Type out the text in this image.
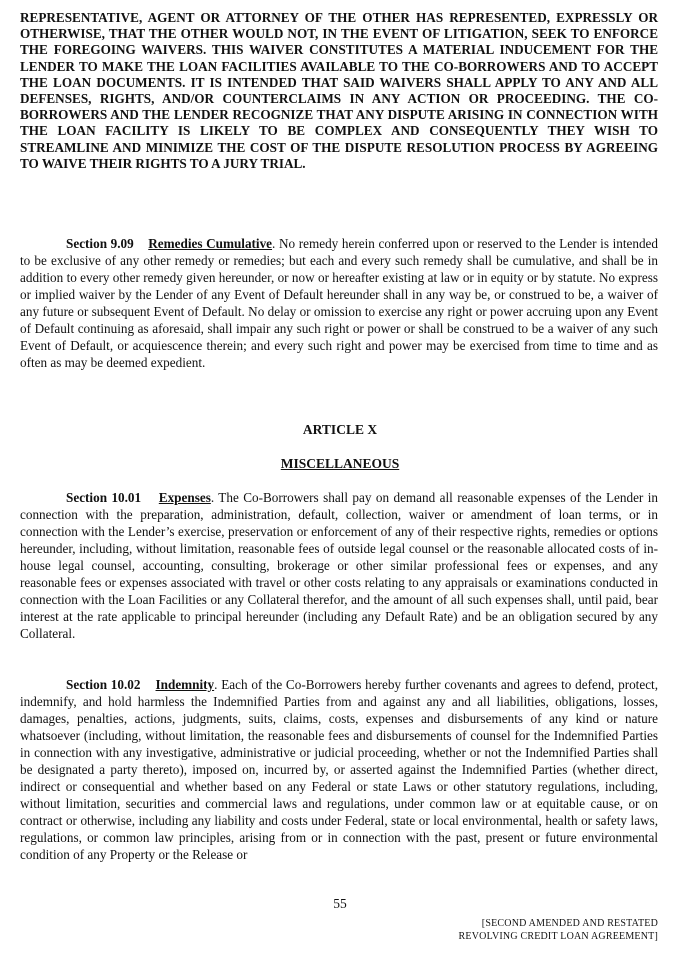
REPRESENTATIVE, AGENT OR ATTORNEY OF THE OTHER HAS REPRESENTED, EXPRESSLY OR OTHERWISE, THAT THE OTHER WOULD NOT, IN THE EVENT OF LITIGATION, SEEK TO ENFORCE THE FOREGOING WAIVERS. THIS WAIVER CONSTITUTES A MATERIAL INDUCEMENT FOR THE LENDER TO MAKE THE LOAN FACILITIES AVAILABLE TO THE CO-BORROWERS AND TO ACCEPT THE LOAN DOCUMENTS. IT IS INTENDED THAT SAID WAIVERS SHALL APPLY TO ANY AND ALL DEFENSES, RIGHTS, AND/OR COUNTERCLAIMS IN ANY ACTION OR PROCEEDING. THE CO-BORROWERS AND THE LENDER RECOGNIZE THAT ANY DISPUTE ARISING IN CONNECTION WITH THE LOAN FACILITY IS LIKELY TO BE COMPLEX AND CONSEQUENTLY THEY WISH TO STREAMLINE AND MINIMIZE THE COST OF THE DISPUTE RESOLUTION PROCESS BY AGREEING TO WAIVE THEIR RIGHTS TO A JURY TRIAL.

Section 9.09 Remedies Cumulative. No remedy herein conferred upon or reserved to the Lender is intended to be exclusive of any other remedy or remedies; but each and every such remedy shall be cumulative, and shall be in addition to every other remedy given hereunder, or now or hereafter existing at law or in equity or by statute. No express or implied waiver by the Lender of any Event of Default hereunder shall in any way be, or construed to be, a waiver of any future or subsequent Event of Default. No delay or omission to exercise any right or power accruing upon any Event of Default continuing as aforesaid, shall impair any such right or power or shall be construed to be a waiver of any such Event of Default, or acquiescence therein; and every such right and power may be exercised from time to time and as often as may be deemed expedient.

ARTICLE X

MISCELLANEOUS

Section 10.01 Expenses. The Co-Borrowers shall pay on demand all reasonable expenses of the Lender in connection with the preparation, administration, default, collection, waiver or amendment of loan terms, or in connection with the Lender’s exercise, preservation or enforcement of any of their respective rights, remedies or options hereunder, including, without limitation, reasonable fees of outside legal counsel or the reasonable allocated costs of in-house legal counsel, accounting, consulting, brokerage or other similar professional fees or expenses, and any reasonable fees or expenses associated with travel or other costs relating to any appraisals or examinations conducted in connection with the Loan Facilities or any Collateral therefor, and the amount of all such expenses shall, until paid, bear interest at the rate applicable to principal hereunder (including any Default Rate) and be an obligation secured by any Collateral.

Section 10.02 Indemnity. Each of the Co-Borrowers hereby further covenants and agrees to defend, protect, indemnify, and hold harmless the Indemnified Parties from and against any and all liabilities, obligations, losses, damages, penalties, actions, judgments, suits, claims, costs, expenses and disbursements of any kind or nature whatsoever (including, without limitation, the reasonable fees and disbursements of counsel for the Indemnified Parties in connection with any investigative, administrative or judicial proceeding, whether or not the Indemnified Parties shall be designated a party thereto), imposed on, incurred by, or asserted against the Indemnified Parties (whether direct, indirect or consequential and whether based on any Federal or state Laws or other statutory regulations, including, without limitation, securities and commercial laws and regulations, under common law or at equitable cause, or on contract or otherwise, including any liability and costs under Federal, state or local environmental, health or safety laws, regulations, or common law principles, arising from or in connection with the past, present or future environmental condition of any Property or the Release or

55
[SECOND AMENDED AND RESTATED
REVOLVING CREDIT LOAN AGREEMENT]
